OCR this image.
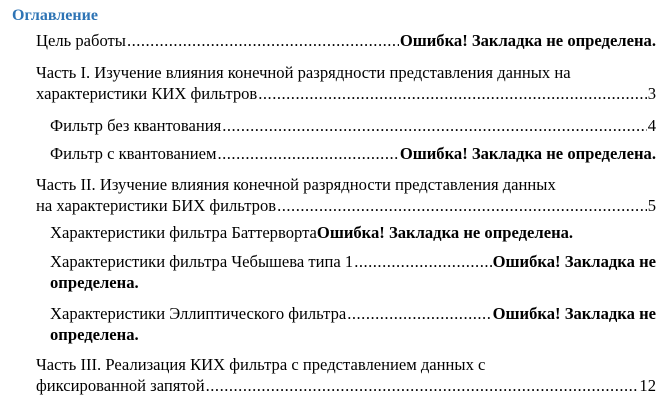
Оглавление
Цель работы .....	Ошибка! Закладка не определена.
Часть I. Изучение влияния конечной разрядности представления данных на
характеристики КИХ фильтров .....	3
Фильтр без квантования .....	4
Фильтр с квантованием .....	Ошибка! Закладка не определена.
Часть II. Изучение влияния конечной разрядности представления данных
на характеристики БИХ фильтров .....	5
Характеристики фильтра Баттерворта Ошибка! Закладка не определена.
Характеристики фильтра Чебышева типа 1 .....	Ошибка! Закладка не
определена.
Характеристики Эллиптического фильтра .....	Ошибка! Закладка не
определена.
Часть III. Реализация КИХ фильтра с представлением данных с
фиксированной запятой .....	12
